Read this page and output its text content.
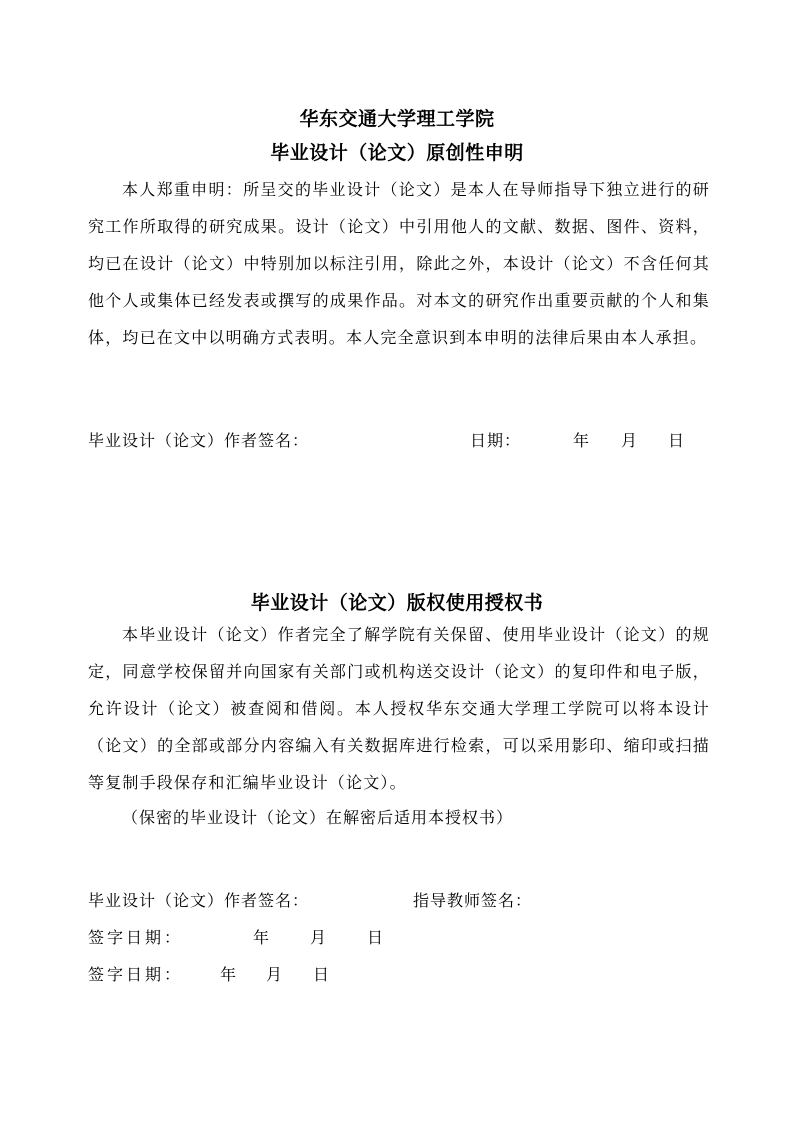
华东交通大学理工学院
毕业设计（论文）原创性申明
本人郑重申明：所呈交的毕业设计（论文）是本人在导师指导下独立进行的研究工作所取得的研究成果。设计（论文）中引用他人的文献、数据、图件、资料，均已在设计（论文）中特别加以标注引用，除此之外，本设计（论文）不含任何其他个人或集体已经发表或撰写的成果作品。对本文的研究作出重要贡献的个人和集体，均已在文中以明确方式表明。本人完全意识到本申明的法律后果由本人承担。
毕业设计（论文）作者签名：	日期：	年 月 日
毕业设计（论文）版权使用授权书
本毕业设计（论文）作者完全了解学院有关保留、使用毕业设计（论文）的规定，同意学校保留并向国家有关部门或机构送交设计（论文）的复印件和电子版，允许设计（论文）被查阅和借阅。本人授权华东交通大学理工学院可以将本设计（论文）的全部或部分内容编入有关数据库进行检索，可以采用影印、缩印或扫描等复制手段保存和汇编毕业设计（论文）。
（保密的毕业设计（论文）在解密后适用本授权书）
毕业设计（论文）作者签名：	指导教师签名：
签字日期：	年 月 日
签字日期： 年 月 日
